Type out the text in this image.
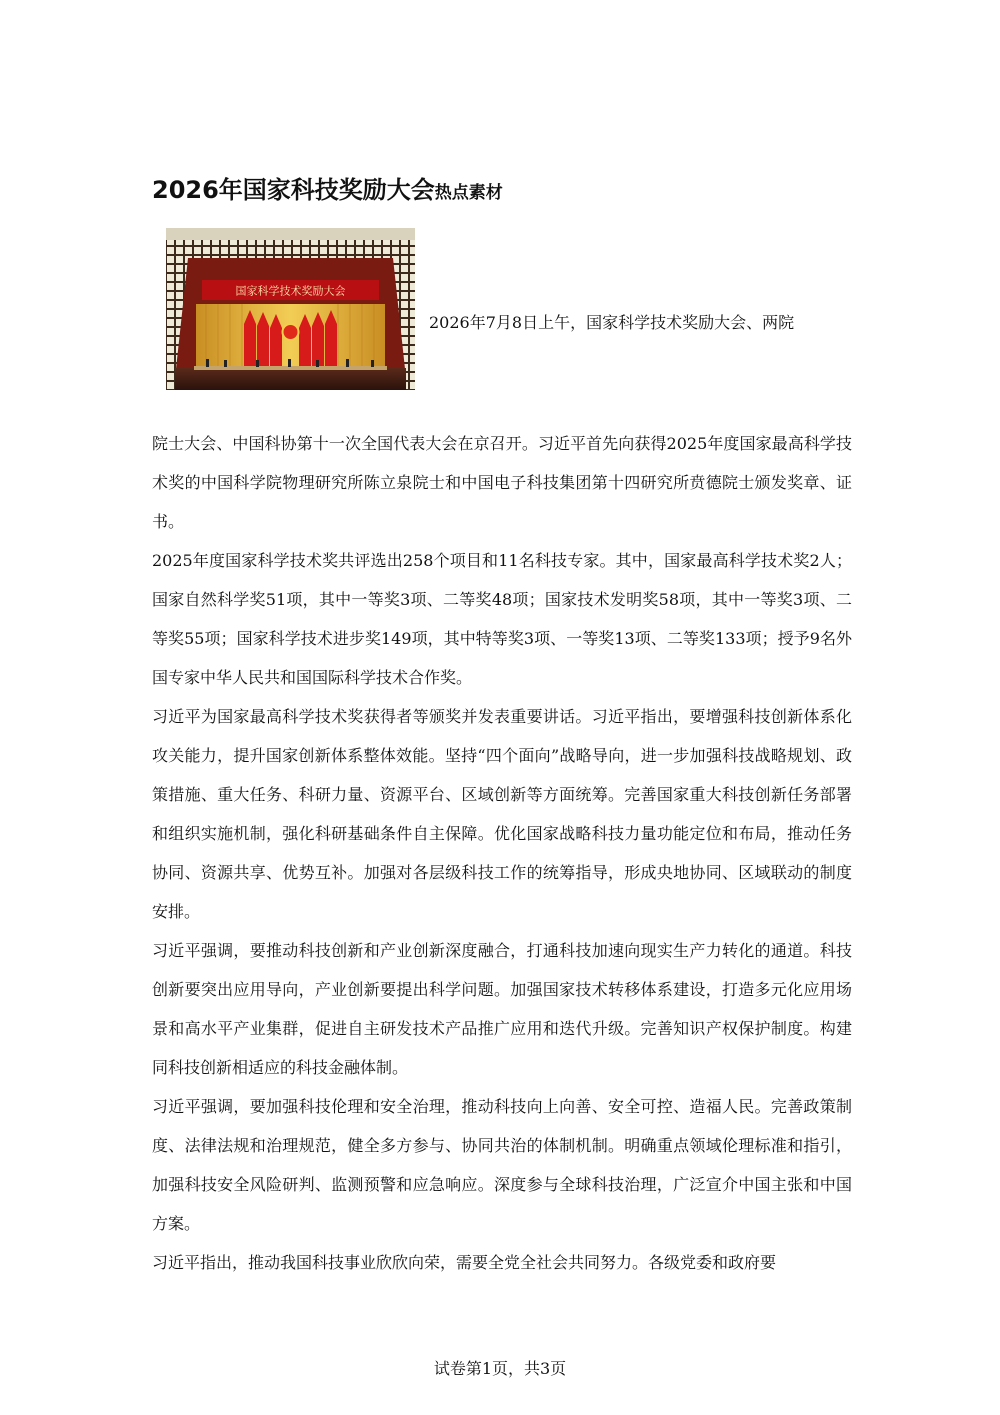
2026年国家科技奖励大会热点素材
国家科学技术奖励大会
2026年7月8日上午，国家科学技术奖励大会、两院

院士大会、中国科协第十一次全国代表大会在京召开。习近平首先向获得2025年度国家最高科学技术奖的中国科学院物理研究所陈立泉院士和中国电子科技集团第十四研究所贲德院士颁发奖章、证书。

2025年度国家科学技术奖共评选出258个项目和11名科技专家。其中，国家最高科学技术奖2人；国家自然科学奖51项，其中一等奖3项、二等奖48项；国家技术发明奖58项，其中一等奖3项、二等奖55项；国家科学技术进步奖149项，其中特等奖3项、一等奖13项、二等奖133项；授予9名外国专家中华人民共和国国际科学技术合作奖。

习近平为国家最高科学技术奖获得者等颁奖并发表重要讲话。习近平指出，要增强科技创新体系化攻关能力，提升国家创新体系整体效能。坚持“四个面向”战略导向，进一步加强科技战略规划、政策措施、重大任务、科研力量、资源平台、区域创新等方面统筹。完善国家重大科技创新任务部署和组织实施机制，强化科研基础条件自主保障。优化国家战略科技力量功能定位和布局，推动任务协同、资源共享、优势互补。加强对各层级科技工作的统筹指导，形成央地协同、区域联动的制度安排。

习近平强调，要推动科技创新和产业创新深度融合，打通科技加速向现实生产力转化的通道。科技创新要突出应用导向，产业创新要提出科学问题。加强国家技术转移体系建设，打造多元化应用场景和高水平产业集群，促进自主研发技术产品推广应用和迭代升级。完善知识产权保护制度。构建同科技创新相适应的科技金融体制。

习近平强调，要加强科技伦理和安全治理，推动科技向上向善、安全可控、造福人民。完善政策制度、法律法规和治理规范，健全多方参与、协同共治的体制机制。明确重点领域伦理标准和指引，加强科技安全风险研判、监测预警和应急响应。深度参与全球科技治理，广泛宣介中国主张和中国方案。

习近平指出，推动我国科技事业欣欣向荣，需要全党全社会共同努力。各级党委和政府要

试卷第1页，共3页
